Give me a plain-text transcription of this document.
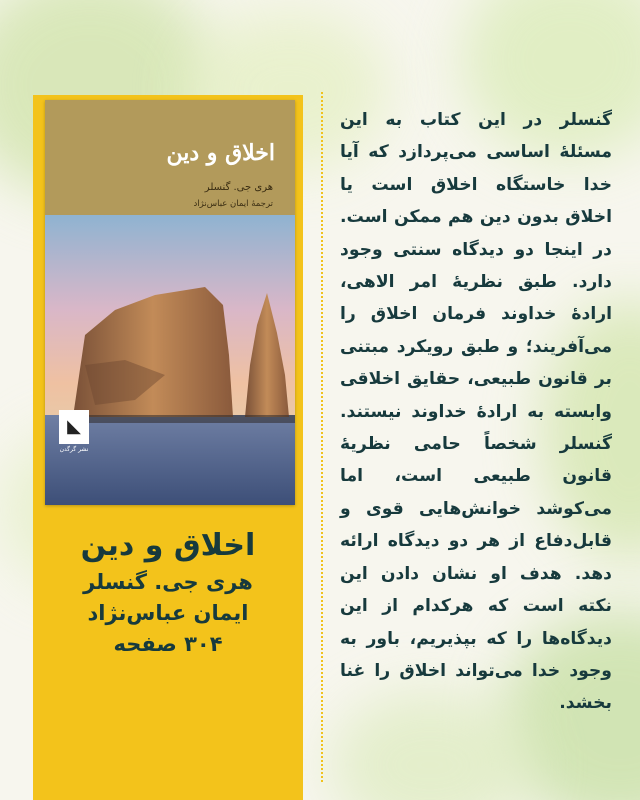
اخلاق و دین
هری جی. گنسلر
ترجمهٔ ایمان عباس‌نژاد
◣
نشر گرگدن
اخلاق و دین
هری جی. گنسلر
ایمان عباس‌نژاد
۳۰۴ صفحه
گنسلر در این کتاب به این مسئلهٔ اساسی می‌پردازد که آیا خدا خاستگاه اخلاق است یا اخلاق بدون دین هم ممکن است. در اینجا دو دیدگاه سنتی وجود دارد. طبق نظریهٔ امر الاهی، ارادهٔ خداوند فرمان اخلاق را می‌آفریند؛ و طبق رویکرد مبتنی بر قانون طبیعی، حقایق اخلاقی وابسته به ارادهٔ خداوند نیستند. گنسلر شخصاً حامی نظریهٔ قانون طبیعی است، اما می‌کوشد خوانش‌هایی قوی و قابل‌دفاع از هر دو دیدگاه ارائه دهد. هدف او نشان دادن این نکته است که هرکدام از این دیدگاه‌ها را که بپذیریم، باور به وجود خدا می‌تواند اخلاق را غنا بخشد.
